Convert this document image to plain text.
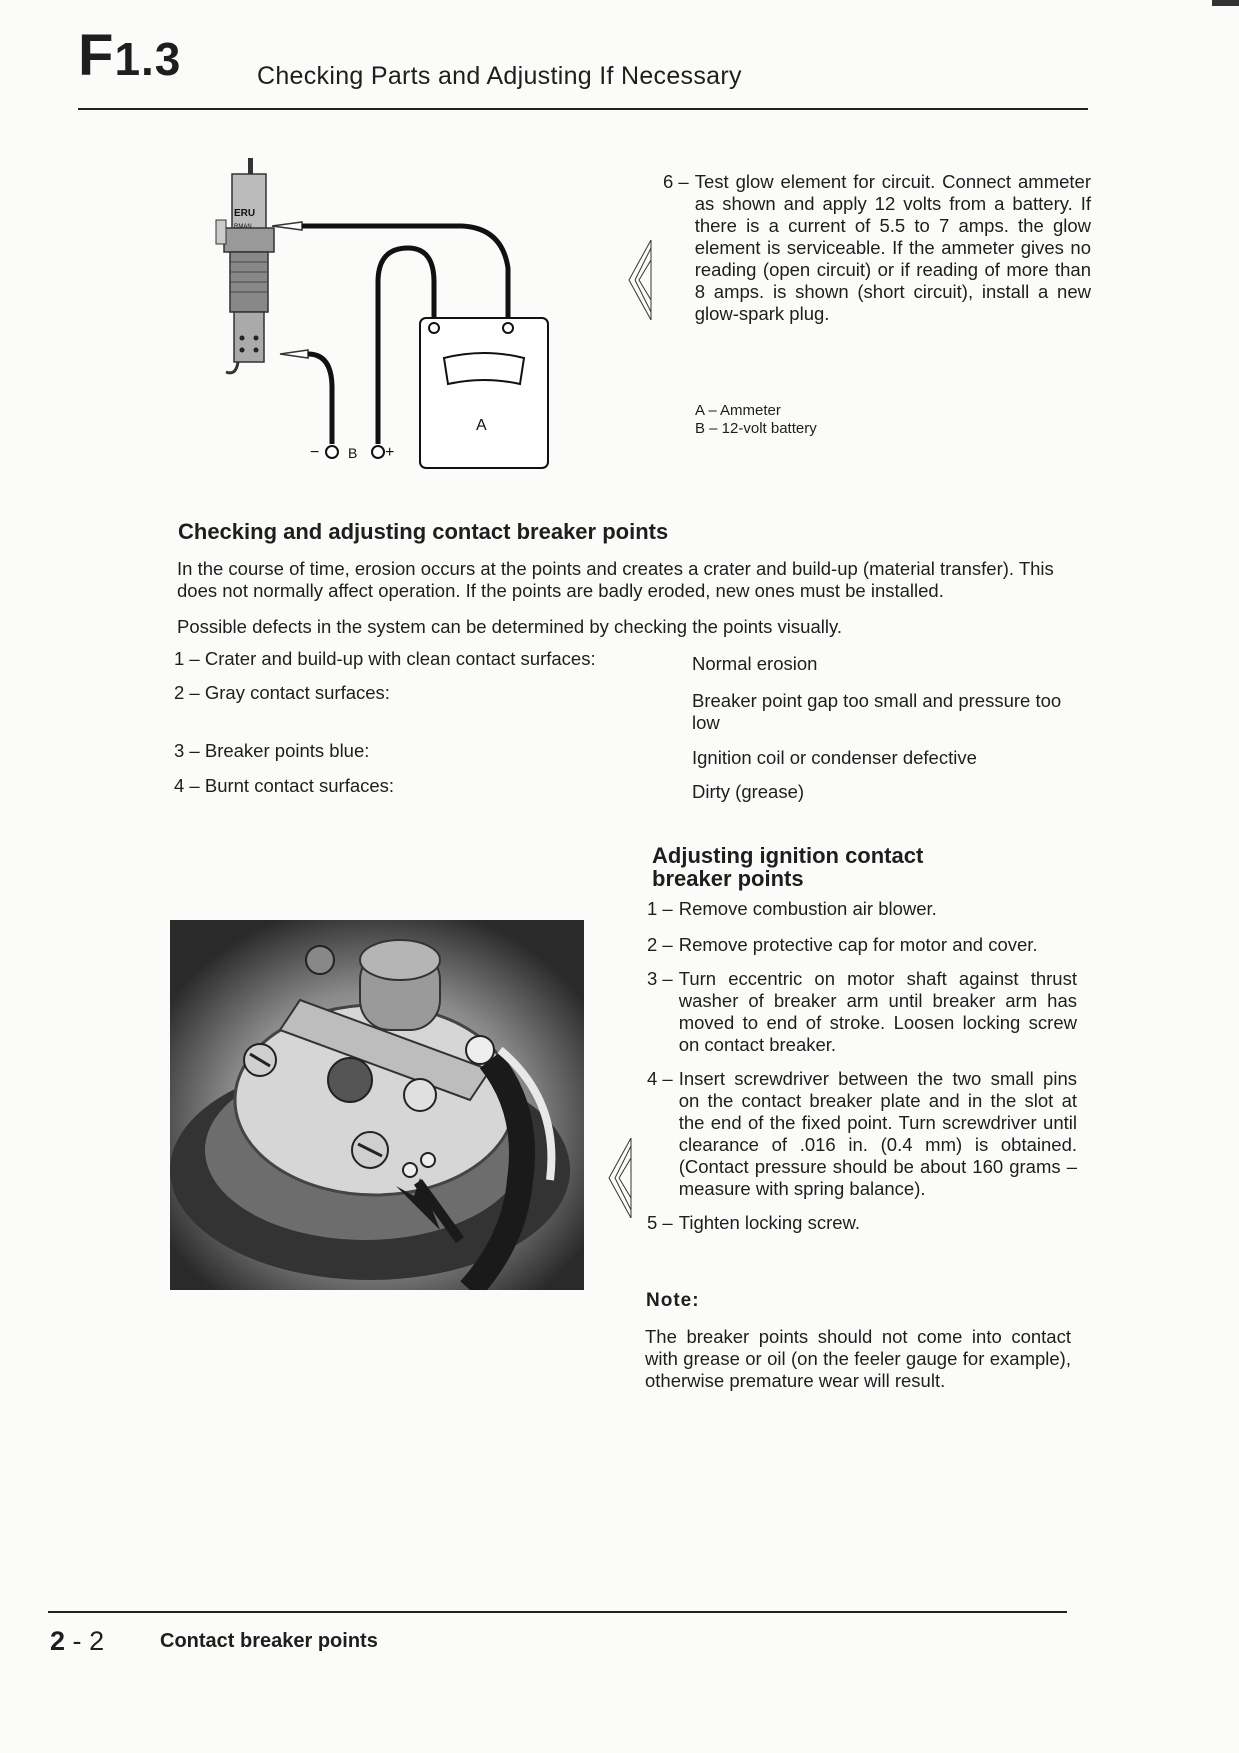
F1.3	Checking Parts and Adjusting If Necessary
ERU
RMAN
A
− B +
6 – Test glow element for circuit. Connect ammeter as shown and apply 12 volts from a battery. If there is a current of 5.5 to 7 amps. the glow element is serviceable. If the ammeter gives no reading (open circuit) or if reading of more than 8 amps. is shown (short circuit), install a new glow-spark plug.
A – Ammeter
B – 12-volt battery
Checking and adjusting contact breaker points
In the course of time, erosion occurs at the points and creates a crater and build-up (material transfer). This does not normally affect operation. If the points are badly eroded, new ones must be installed.
Possible defects in the system can be determined by checking the points visually.
1 – Crater and build-up with clean contact surfaces:	Normal erosion
2 – Gray contact surfaces:	Breaker point gap too small and pressure too low
3 – Breaker points blue:	Ignition coil or condenser defective
4 – Burnt contact surfaces:	Dirty (grease)
Adjusting ignition contact
breaker points
1 – Remove combustion air blower.
2 – Remove protective cap for motor and cover.
3 – Turn eccentric on motor shaft against thrust washer of breaker arm until breaker arm has moved to end of stroke. Loosen locking screw on contact breaker.
4 – Insert screwdriver between the two small pins on the contact breaker plate and in the slot at the end of the fixed point. Turn screwdriver until clearance of .016 in. (0.4 mm) is obtained. (Contact pressure should be about 160 grams – measure with spring balance).
5 – Tighten locking screw.
Note:
The breaker points should not come into contact with grease or oil (on the feeler gauge for example), otherwise premature wear will result.
2 - 2	Contact breaker points
